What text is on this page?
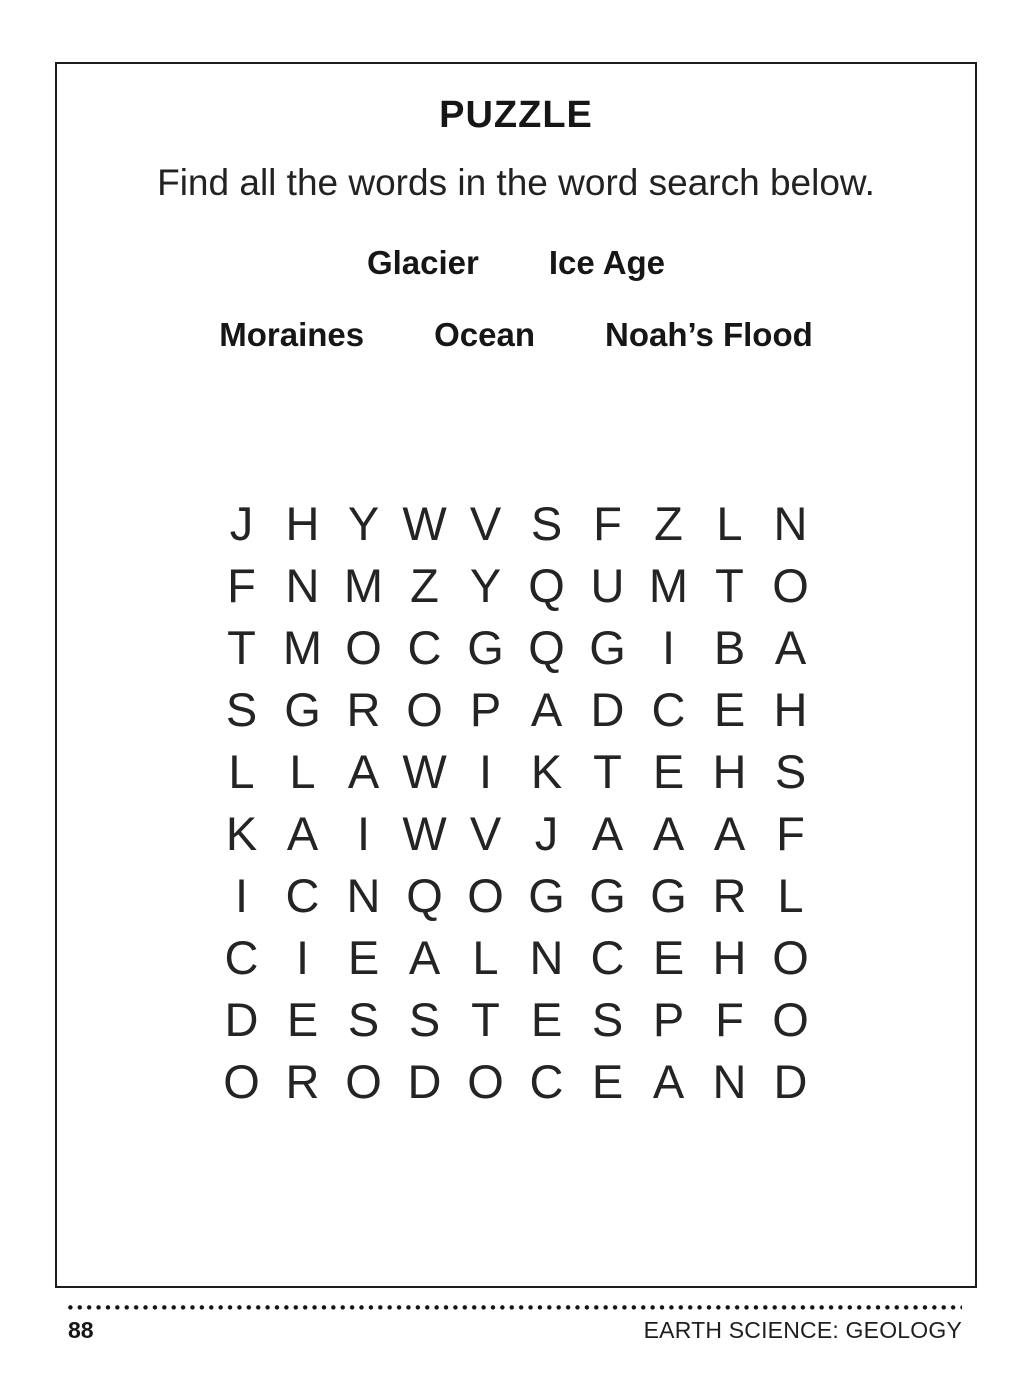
PUZZLE

Find all the words in the word search below.

Glacier Ice Age
Moraines Ocean Noah’s Flood
J H Y W V S F Z L N
F N M Z Y Q U M T O
T M O C G Q G I B A
S G R O P A D C E H
L L A W I K T E H S
K A I W V J A A A F
I C N Q O G G G R L
C I E A L N C E H O
D E S S T E S P F O
O R O D O C E A N D
88	EARTH SCIENCE: GEOLOGY
